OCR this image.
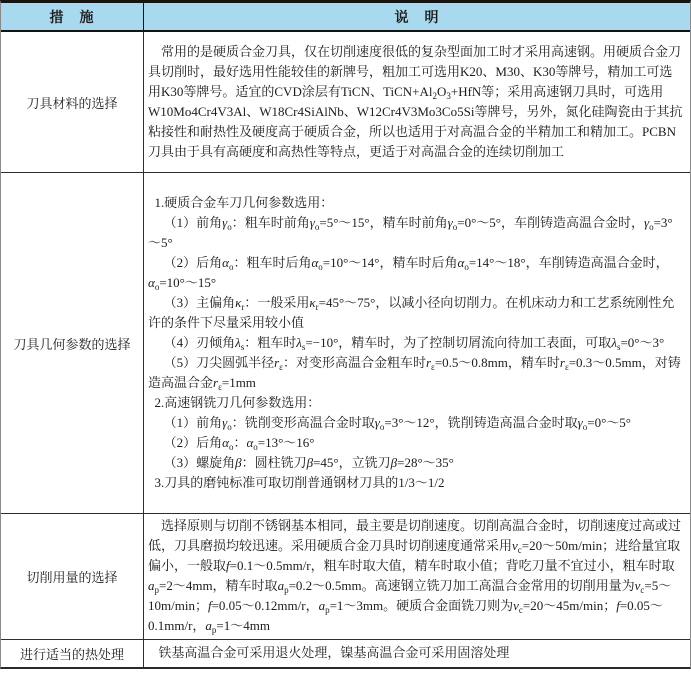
措　施	说　明
刀具材料的选择

常用的是硬质合金刀具，仅在切削速度很低的复杂型面加工时才采用高速钢。用硬质合金刀具切削时，最好选用性能较佳的新牌号，粗加工可选用K20、M30、K30等牌号，精加工可选用K30等牌号。适宜的CVD涂层有TiCN、$TiCN+Al_2O_3+HfN$等；采用高速钢刀具时，可选用W10Mo4Cr4V3Al、W18Cr4SiAlNb、W12Cr4V3Mo3Co5Si等牌号，另外，氮化硅陶瓷由于其抗粘接性和耐热性及硬度高于硬质合金，所以也适用于对高温合金的半精加工和精加工。PCBN刀具由于具有高硬度和高热性等特点，更适于对高温合金的连续切削加工

刀具几何参数的选择

1.硬质合金车刀几何参数选用：

（1）前角$\gamma_o$：粗车时前角$\gamma_o=5^\circ\sim 15^\circ$，精车时前角$\gamma_o=0^\circ\sim 5^\circ$，车削铸造高温合金时，$\gamma_o=3^\circ\sim 5^\circ$

（2）后角$\alpha_o$：粗车时后角$\alpha_o=10^\circ\sim 14^\circ$，精车时后角$\alpha_o=14^\circ\sim 18^\circ$，车削铸造高温合金时，$\alpha_o=10^\circ\sim 15^\circ$

（3）主偏角$\kappa_r$：一般采用$\kappa_r=45^\circ\sim 75^\circ$，以减小径向切削力。在机床动力和工艺系统刚性允许的条件下尽量采用较小值

（4）刃倾角$\lambda_s$：粗车时$\lambda_s=-10^\circ$，精车时，为了控制切屑流向待加工表面，可取$\lambda_s=0^\circ\sim 3^\circ$

（5）刀尖圆弧半径$r_\varepsilon$：对变形高温合金粗车时$r_\varepsilon=0.5\sim 0.8mm$，精车时$r_\varepsilon=0.3\sim 0.5mm$，对铸造高温合金$r_\varepsilon=1mm$

2.高速钢铣刀几何参数选用：

（1）前角$\gamma_o$：铣削变形高温合金时取$\gamma_o=3^\circ\sim 12^\circ$，铣削铸造高温合金时取$\gamma_o=0^\circ\sim 5^\circ$

（2）后角$\alpha_o$：$\alpha_o=13^\circ\sim 16^\circ$

（3）螺旋角β：圆柱铣刀β=45°，立铣刀β=28°～35°

3.刀具的磨钝标准可取切削普通钢材刀具的1/3～1/2

切削用量的选择

选择原则与切削不锈钢基本相同，最主要是切削速度。切削高温合金时，切削速度过高或过低，刀具磨损均较迅速。采用硬质合金刀具时切削速度通常采用$v_c=20\sim 50m/\min$；进给量宜取偏小，一般取f=0.1～0.5mm/r，粗车时取大值，精车时取小值；背吃刀量不宜过小，粗车时取$a_p=2\sim 4mm$，精车时取$a_p=0.2\sim 0.5mm$。高速钢立铣刀加工高温合金常用的切削用量为$v_c=5\sim 10m/\min$；f=0.05～0.12mm/r，$a_p=1\sim 3mm$。硬质合金面铣刀则为$v_c=20\sim 45m/\min$；f=0.05～0.1mm/r，$a_p=1\sim 4mm$

进行适当的热处理	铁基高温合金可采用退火处理，镍基高温合金可采用固溶处理
